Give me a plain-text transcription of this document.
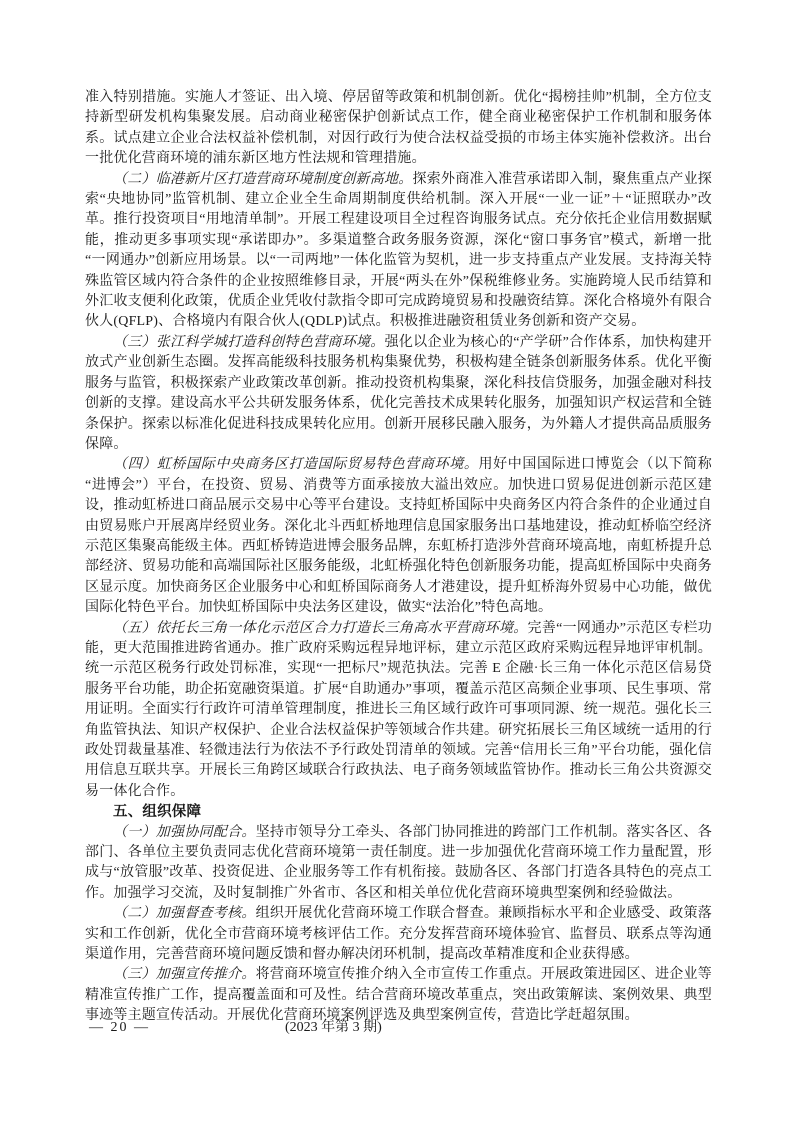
准入特别措施。实施人才签证、出入境、停居留等政策和机制创新。优化“揭榜挂帅”机制，全方位支持新型研发机构集聚发展。启动商业秘密保护创新试点工作，健全商业秘密保护工作机制和服务体系。试点建立企业合法权益补偿机制，对因行政行为使合法权益受损的市场主体实施补偿救济。出台一批优化营商环境的浦东新区地方性法规和管理措施。

（二）临港新片区打造营商环境制度创新高地。探索外商准入准营承诺即入制，聚焦重点产业探索“央地协同”监管机制、建立企业全生命周期制度供给机制。深入开展“一业一证”＋“证照联办”改革。推行投资项目“用地清单制”。开展工程建设项目全过程咨询服务试点。充分依托企业信用数据赋能，推动更多事项实现“承诺即办”。多渠道整合政务服务资源，深化“窗口事务官”模式，新增一批“一网通办”创新应用场景。以“一司两地”一体化监管为契机，进一步支持重点产业发展。支持海关特殊监管区域内符合条件的企业按照维修目录，开展“两头在外”保税维修业务。实施跨境人民币结算和外汇收支便利化政策，优质企业凭收付款指令即可完成跨境贸易和投融资结算。深化合格境外有限合伙人(QFLP)、合格境内有限合伙人(QDLP)试点。积极推进融资租赁业务创新和资产交易。

（三）张江科学城打造科创特色营商环境。强化以企业为核心的“产学研”合作体系，加快构建开放式产业创新生态圈。发挥高能级科技服务机构集聚优势，积极构建全链条创新服务体系。优化平衡服务与监管，积极探索产业政策改革创新。推动投资机构集聚，深化科技信贷服务，加强金融对科技创新的支撑。建设高水平公共研发服务体系，优化完善技术成果转化服务，加强知识产权运营和全链条保护。探索以标准化促进科技成果转化应用。创新开展移民融入服务，为外籍人才提供高品质服务保障。

（四）虹桥国际中央商务区打造国际贸易特色营商环境。用好中国国际进口博览会（以下简称“进博会”）平台，在投资、贸易、消费等方面承接放大溢出效应。加快进口贸易促进创新示范区建设，推动虹桥进口商品展示交易中心等平台建设。支持虹桥国际中央商务区内符合条件的企业通过自由贸易账户开展离岸经贸业务。深化北斗西虹桥地理信息国家服务出口基地建设，推动虹桥临空经济示范区集聚高能级主体。西虹桥铸造进博会服务品牌，东虹桥打造涉外营商环境高地，南虹桥提升总部经济、贸易功能和高端国际社区服务能级，北虹桥强化特色创新服务功能，提高虹桥国际中央商务区显示度。加快商务区企业服务中心和虹桥国际商务人才港建设，提升虹桥海外贸易中心功能，做优国际化特色平台。加快虹桥国际中央法务区建设，做实“法治化”特色高地。

（五）依托长三角一体化示范区合力打造长三角高水平营商环境。完善“一网通办”示范区专栏功能，更大范围推进跨省通办。推广政府采购远程异地评标，建立示范区政府采购远程异地评审机制。统一示范区税务行政处罚标准，实现“一把标尺”规范执法。完善 E 企融·长三角一体化示范区信易贷服务平台功能，助企拓宽融资渠道。扩展“自助通办”事项，覆盖示范区高频企业事项、民生事项、常用证明。全面实行行政许可清单管理制度，推进长三角区域行政许可事项同源、统一规范。强化长三角监管执法、知识产权保护、企业合法权益保护等领域合作共建。研究拓展长三角区域统一适用的行政处罚裁量基准、轻微违法行为依法不予行政处罚清单的领域。完善“信用长三角”平台功能，强化信用信息互联共享。开展长三角跨区域联合行政执法、电子商务领域监管协作。推动长三角公共资源交易一体化合作。

五、组织保障

（一）加强协同配合。坚持市领导分工牵头、各部门协同推进的跨部门工作机制。落实各区、各部门、各单位主要负责同志优化营商环境第一责任制度。进一步加强优化营商环境工作力量配置，形成与“放管服”改革、投资促进、企业服务等工作有机衔接。鼓励各区、各部门打造各具特色的亮点工作。加强学习交流，及时复制推广外省市、各区和相关单位优化营商环境典型案例和经验做法。

（二）加强督查考核。组织开展优化营商环境工作联合督查。兼顾指标水平和企业感受、政策落实和工作创新，优化全市营商环境考核评估工作。充分发挥营商环境体验官、监督员、联系点等沟通渠道作用，完善营商环境问题反馈和督办解决闭环机制，提高改革精准度和企业获得感。

（三）加强宣传推介。将营商环境宣传推介纳入全市宣传工作重点。开展政策进园区、进企业等精准宣传推广工作，提高覆盖面和可及性。结合营商环境改革重点，突出政策解读、案例效果、典型事迹等主题宣传活动。开展优化营商环境案例评选及典型案例宣传，营造比学赶超氛围。

— 20 —	(2023 年第 3 期)
